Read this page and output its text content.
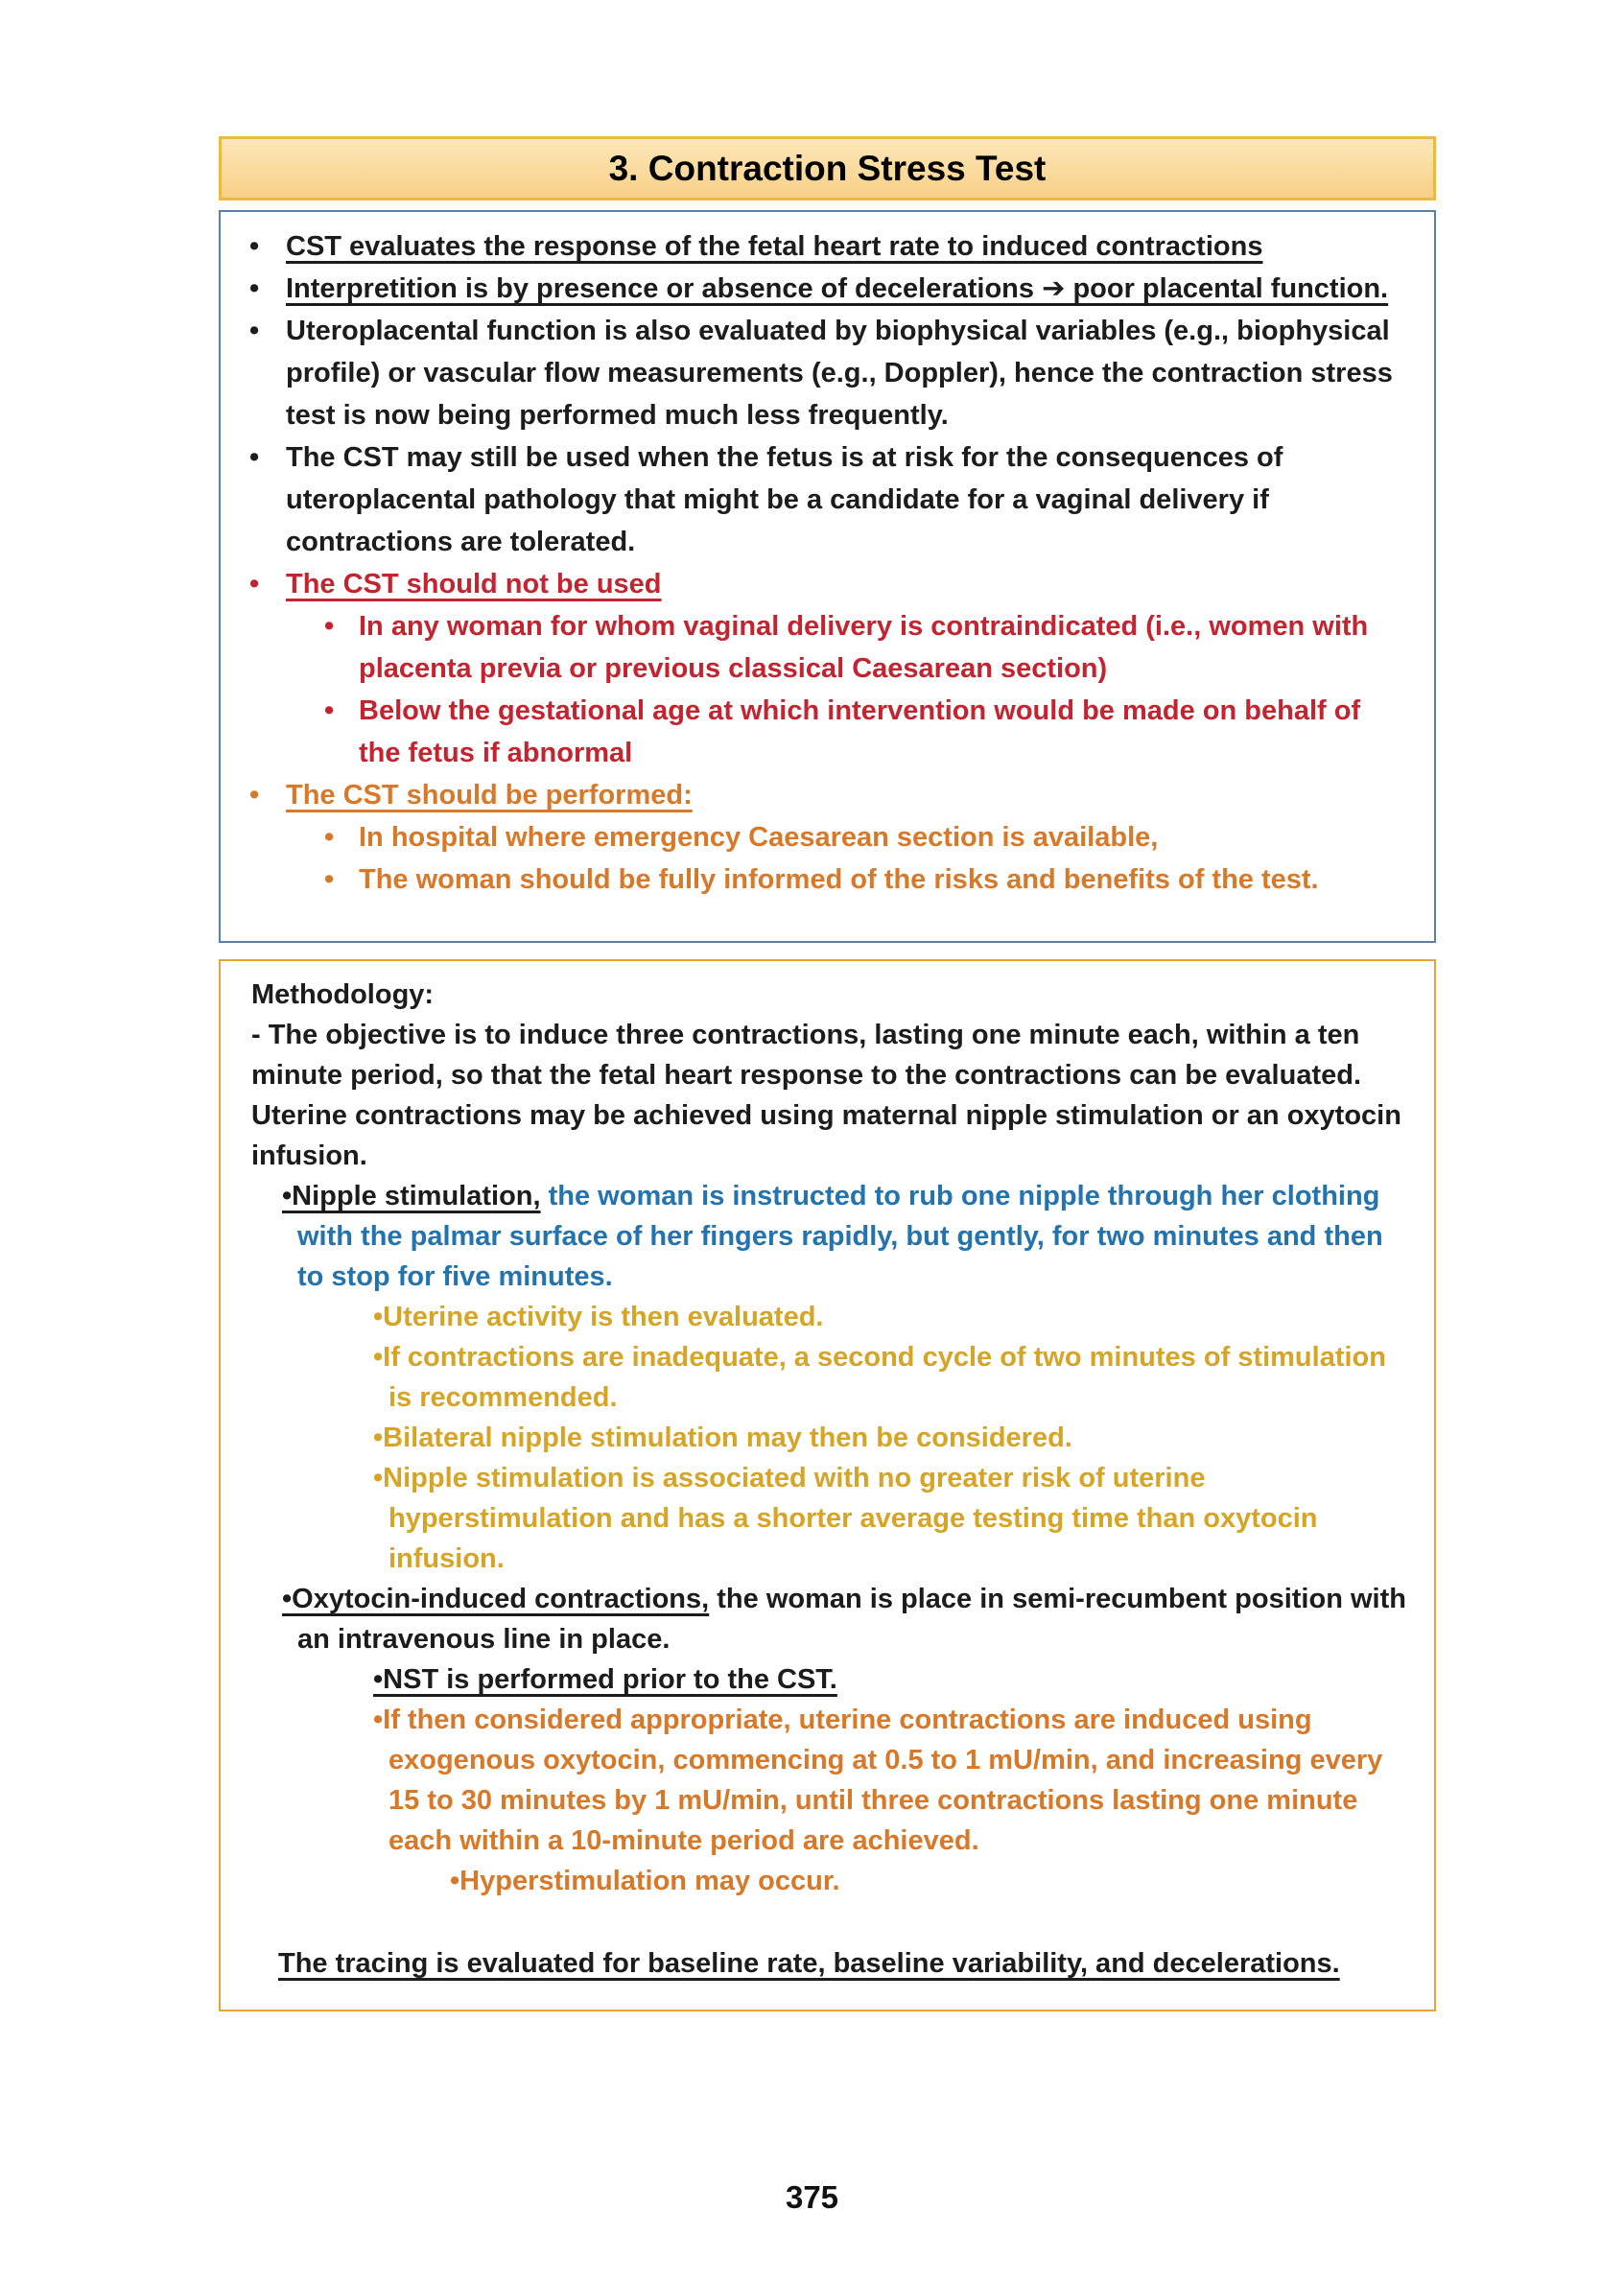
3. Contraction Stress Test
• CST evaluates the response of the fetal heart rate to induced contractions
• Interpretition is by presence or absence of decelerations ➔ poor placental function.
• Uteroplacental function is also evaluated by biophysical variables (e.g., biophysical profile) or vascular flow measurements (e.g., Doppler), hence the contraction stress test is now being performed much less frequently.
• The CST may still be used when the fetus is at risk for the consequences of uteroplacental pathology that might be a candidate for a vaginal delivery if contractions are tolerated.
• The CST should not be used
• In any woman for whom vaginal delivery is contraindicated (i.e., women with placenta previa or previous classical Caesarean section)
• Below the gestational age at which intervention would be made on behalf of the fetus if abnormal
• The CST should be performed:
• In hospital where emergency Caesarean section is available,
• The woman should be fully informed of the risks and benefits of the test.
Methodology:
- The objective is to induce three contractions, lasting one minute each, within a ten minute period, so that the fetal heart response to the contractions can be evaluated. Uterine contractions may be achieved using maternal nipple stimulation or an oxytocin infusion.
•Nipple stimulation, the woman is instructed to rub one nipple through her clothing with the palmar surface of her fingers rapidly, but gently, for two minutes and then to stop for five minutes.
•Uterine activity is then evaluated.
•If contractions are inadequate, a second cycle of two minutes of stimulation is recommended.
•Bilateral nipple stimulation may then be considered.
•Nipple stimulation is associated with no greater risk of uterine hyperstimulation and has a shorter average testing time than oxytocin infusion.
•Oxytocin-induced contractions, the woman is place in semi-recumbent position with an intravenous line in place.
•NST is performed prior to the CST.
•If then considered appropriate, uterine contractions are induced using exogenous oxytocin, commencing at 0.5 to 1 mU/min, and increasing every 15 to 30 minutes by 1 mU/min, until three contractions lasting one minute each within a 10-minute period are achieved.
•Hyperstimulation may occur.
The tracing is evaluated for baseline rate, baseline variability, and decelerations.
375
